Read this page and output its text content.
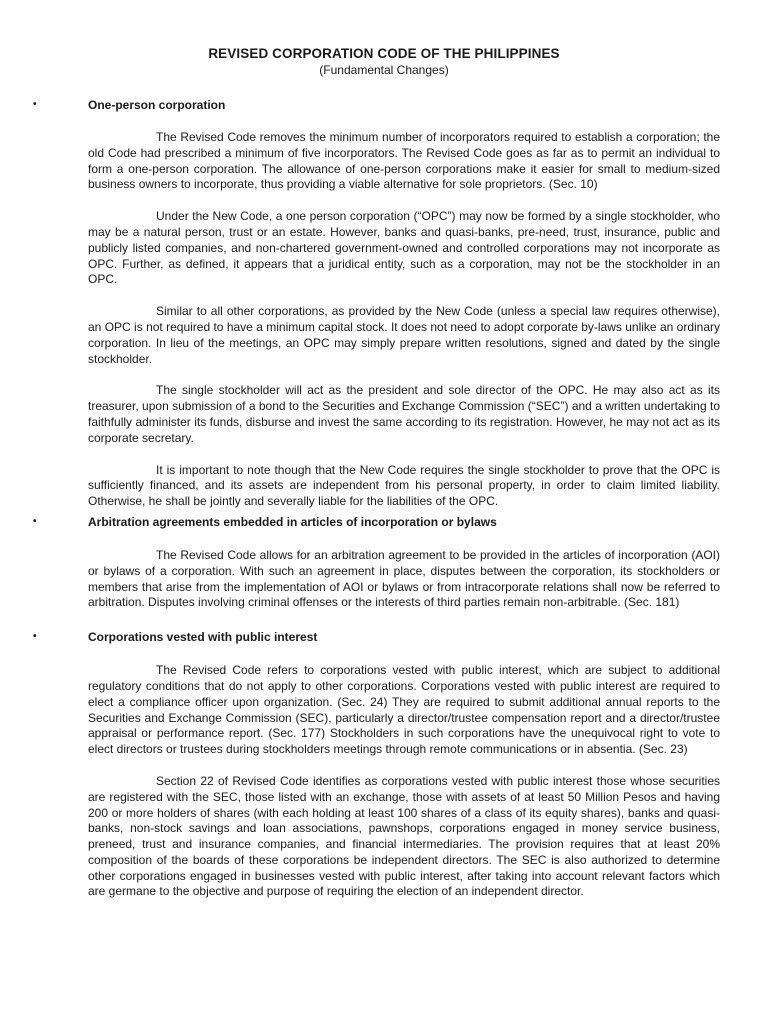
REVISED CORPORATION CODE OF THE PHILIPPINES
(Fundamental Changes)
•	One-person corporation

The Revised Code removes the minimum number of incorporators required to establish a corporation; the old Code had prescribed a minimum of five incorporators. The Revised Code goes as far as to permit an individual to form a one-person corporation. The allowance of one-person corporations make it easier for small to medium-sized business owners to incorporate, thus providing a viable alternative for sole proprietors. (Sec. 10)

Under the New Code, a one person corporation (“OPC”) may now be formed by a single stockholder, who may be a natural person, trust or an estate. However, banks and quasi-banks, pre-need, trust, insurance, public and publicly listed companies, and non-chartered government-owned and controlled corporations may not incorporate as OPC. Further, as defined, it appears that a juridical entity, such as a corporation, may not be the stockholder in an OPC.

Similar to all other corporations, as provided by the New Code (unless a special law requires otherwise), an OPC is not required to have a minimum capital stock. It does not need to adopt corporate by-laws unlike an ordinary corporation. In lieu of the meetings, an OPC may simply prepare written resolutions, signed and dated by the single stockholder.

The single stockholder will act as the president and sole director of the OPC. He may also act as its treasurer, upon submission of a bond to the Securities and Exchange Commission (“SEC”) and a written undertaking to faithfully administer its funds, disburse and invest the same according to its registration. However, he may not act as its corporate secretary.

It is important to note though that the New Code requires the single stockholder to prove that the OPC is sufficiently financed, and its assets are independent from his personal property, in order to claim limited liability. Otherwise, he shall be jointly and severally liable for the liabilities of the OPC.

•	Arbitration agreements embedded in articles of incorporation or bylaws

The Revised Code allows for an arbitration agreement to be provided in the articles of incorporation (AOI) or bylaws of a corporation. With such an agreement in place, disputes between the corporation, its stockholders or members that arise from the implementation of AOI or bylaws or from intracorporate relations shall now be referred to arbitration. Disputes involving criminal offenses or the interests of third parties remain non-arbitrable. (Sec. 181)

•	Corporations vested with public interest

The Revised Code refers to corporations vested with public interest, which are subject to additional regulatory conditions that do not apply to other corporations. Corporations vested with public interest are required to elect a compliance officer upon organization. (Sec. 24) They are required to submit additional annual reports to the Securities and Exchange Commission (SEC), particularly a director/trustee compensation report and a director/trustee appraisal or performance report. (Sec. 177) Stockholders in such corporations have the unequivocal right to vote to elect directors or trustees during stockholders meetings through remote communications or in absentia. (Sec. 23)

Section 22 of Revised Code identifies as corporations vested with public interest those whose securities are registered with the SEC, those listed with an exchange, those with assets of at least 50 Million Pesos and having 200 or more holders of shares (with each holding at least 100 shares of a class of its equity shares), banks and quasi-banks, non-stock savings and loan associations, pawnshops, corporations engaged in money service business, preneed, trust and insurance companies, and financial intermediaries. The provision requires that at least 20% composition of the boards of these corporations be independent directors. The SEC is also authorized to determine other corporations engaged in businesses vested with public interest, after taking into account relevant factors which are germane to the objective and purpose of requiring the election of an independent director.
